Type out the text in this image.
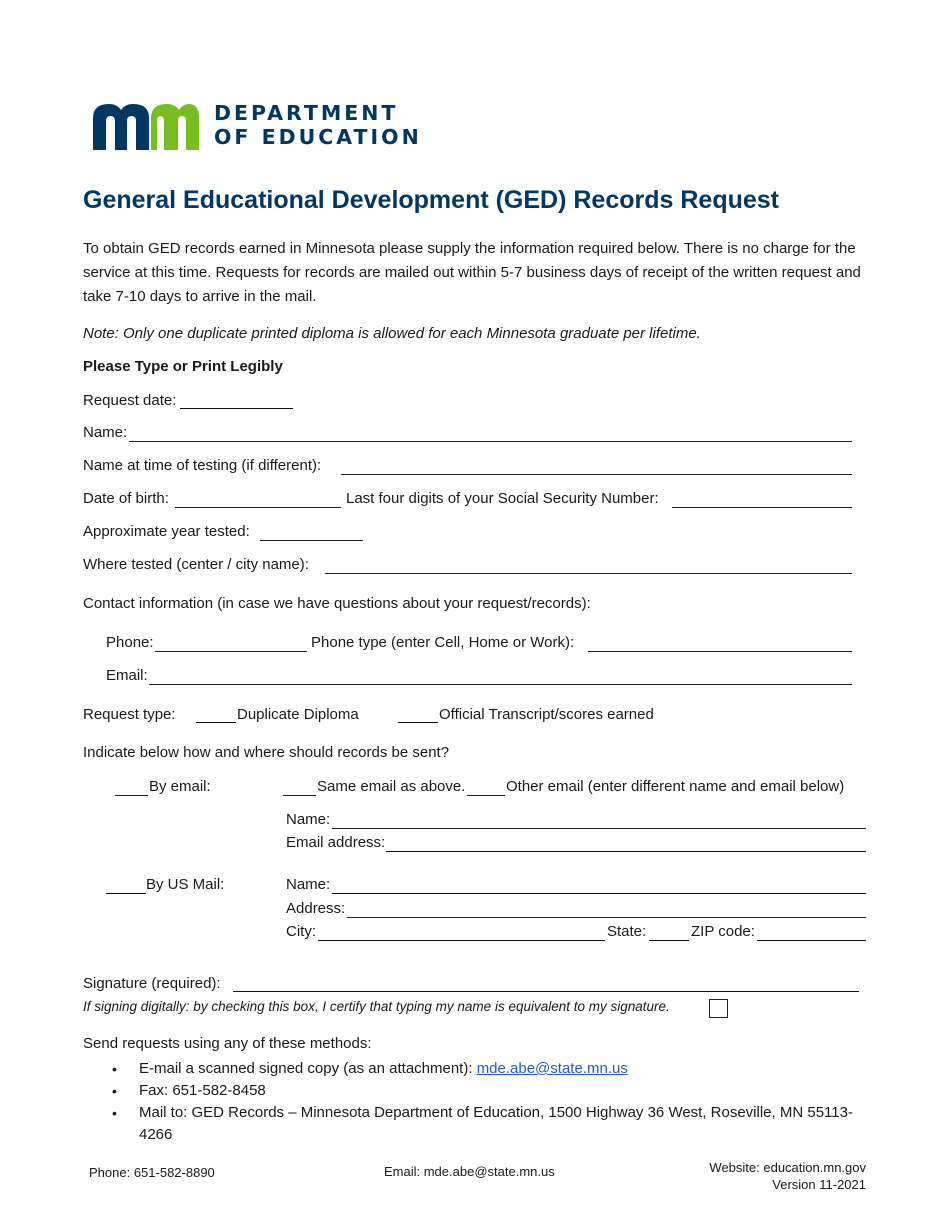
DEPARTMENT
OF EDUCATION
General Educational Development (GED) Records Request
To obtain GED records earned in Minnesota please supply the information required below. There is no charge for the service at this time. Requests for records are mailed out within 5-7 business days of receipt of the written request and take 7-10 days to arrive in the mail.
Note: Only one duplicate printed diploma is allowed for each Minnesota graduate per lifetime.
Please Type or Print Legibly
Request date:
Name:
Name at time of testing (if different):
Date of birth:	Last four digits of your Social Security Number:
Approximate year tested:
Where tested (center / city name):
Contact information (in case we have questions about your request/records):
Phone:	Phone type (enter Cell, Home or Work):
Email:
Request type:	Duplicate Diploma	Official Transcript/scores earned
Indicate below how and where should records be sent?
By email:	Same email as above.	Other email (enter different name and email below)
Name:
Email address:
By US Mail:	Name:
Address:
City:	State:	ZIP code:
Signature (required):
If signing digitally: by checking this box, I certify that typing my name is equivalent to my signature.
Send requests using any of these methods:
• E-mail a scanned signed copy (as an attachment): mde.abe@state.mn.us
• Fax: 651-582-8458
• Mail to: GED Records – Minnesota Department of Education, 1500 Highway 36 West, Roseville, MN 55113-4266
Phone: 651-582-8890	Email: mde.abe@state.mn.us	Website: education.mn.gov
Version 11-2021
